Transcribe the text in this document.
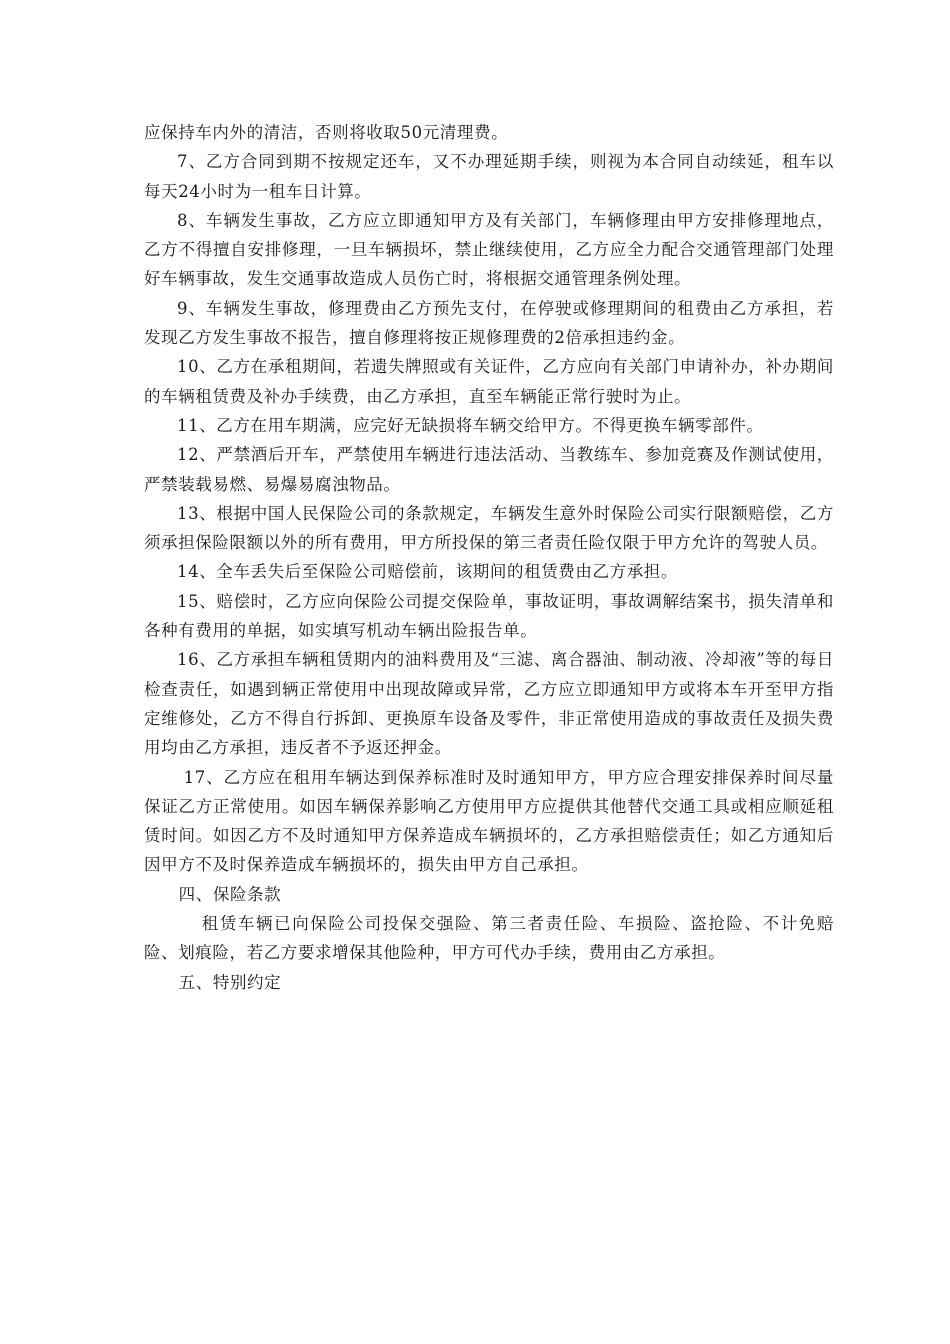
应保持车内外的清洁，否则将收取50元清理费。

7、乙方合同到期不按规定还车，又不办理延期手续，则视为本合同自动续延，租车以每天24小时为一租车日计算。

8、车辆发生事故，乙方应立即通知甲方及有关部门，车辆修理由甲方安排修理地点，乙方不得擅自安排修理，一旦车辆损坏，禁止继续使用，乙方应全力配合交通管理部门处理好车辆事故，发生交通事故造成人员伤亡时，将根据交通管理条例处理。

9、车辆发生事故，修理费由乙方预先支付，在停驶或修理期间的租费由乙方承担，若发现乙方发生事故不报告，擅自修理将按正规修理费的2倍承担违约金。

10、乙方在承租期间，若遗失牌照或有关证件，乙方应向有关部门申请补办，补办期间的车辆租赁费及补办手续费，由乙方承担，直至车辆能正常行驶时为止。

11、乙方在用车期满，应完好无缺损将车辆交给甲方。不得更换车辆零部件。

12、严禁酒后开车，严禁使用车辆进行违法活动、当教练车、参加竞赛及作测试使用，严禁装载易燃、易爆易腐浊物品。

13、根据中国人民保险公司的条款规定，车辆发生意外时保险公司实行限额赔偿，乙方须承担保险限额以外的所有费用，甲方所投保的第三者责任险仅限于甲方允许的驾驶人员。

14、全车丢失后至保险公司赔偿前，该期间的租赁费由乙方承担。

15、赔偿时，乙方应向保险公司提交保险单，事故证明，事故调解结案书，损失清单和各种有费用的单据，如实填写机动车辆出险报告单。

16、乙方承担车辆租赁期内的油料费用及“三滤、离合器油、制动液、冷却液”等的每日检查责任，如遇到辆正常使用中出现故障或异常，乙方应立即通知甲方或将本车开至甲方指定维修处，乙方不得自行拆卸、更换原车设备及零件，非正常使用造成的事故责任及损失费用均由乙方承担，违反者不予返还押金。

17、乙方应在租用车辆达到保养标准时及时通知甲方，甲方应合理安排保养时间尽量保证乙方正常使用。如因车辆保养影响乙方使用甲方应提供其他替代交通工具或相应顺延租赁时间。如因乙方不及时通知甲方保养造成车辆损坏的，乙方承担赔偿责任；如乙方通知后因甲方不及时保养造成车辆损坏的，损失由甲方自己承担。

四、保险条款

租赁车辆已向保险公司投保交强险、第三者责任险、车损险、盗抢险、不计免赔险、划痕险，若乙方要求增保其他险种，甲方可代办手续，费用由乙方承担。

五、特别约定
